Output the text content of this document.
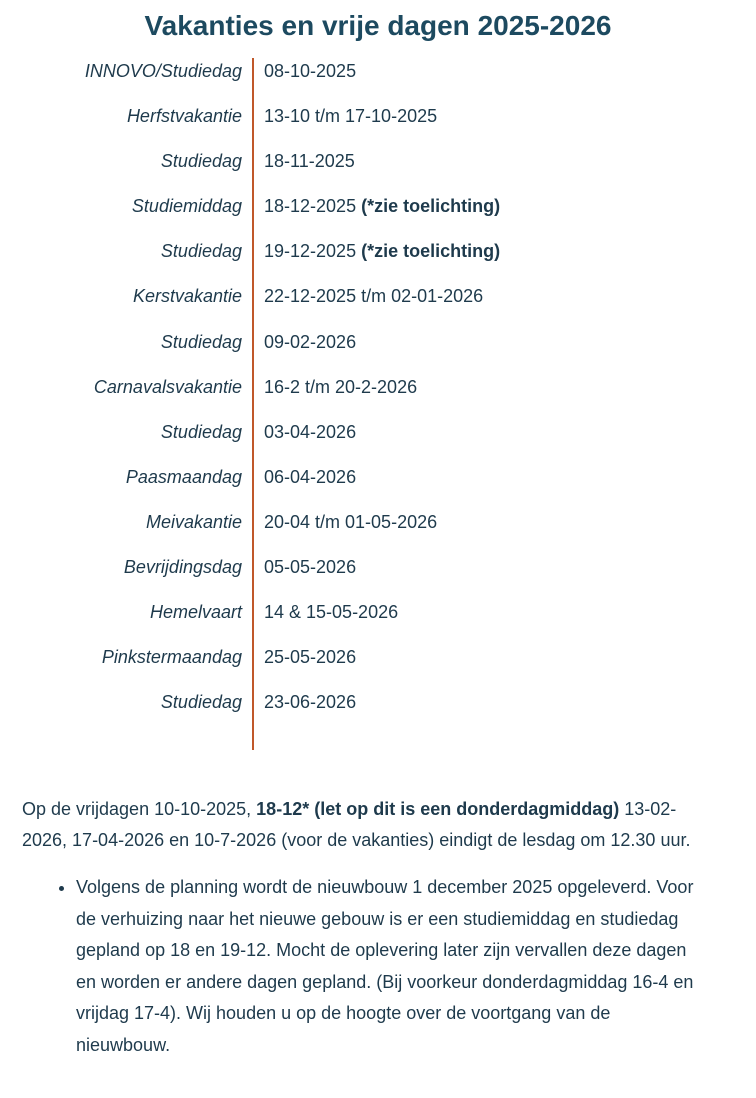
Vakanties en vrije dagen 2025-2026
INNOVO/Studiedag 08-10-2025
Herfstvakantie 13-10 t/m 17-10-2025
Studiedag 18-11-2025
Studiemiddag 18-12-2025 (*zie toelichting)
Studiedag 19-12-2025 (*zie toelichting)
Kerstvakantie 22-12-2025 t/m 02-01-2026
Studiedag 09-02-2026
Carnavalsvakantie 16-2 t/m 20-2-2026
Studiedag 03-04-2026
Paasmaandag 06-04-2026
Meivakantie 20-04 t/m 01-05-2026
Bevrijdingsdag 05-05-2026
Hemelvaart 14 & 15-05-2026
Pinkstermaandag 25-05-2026
Studiedag 23-06-2026

Op de vrijdagen 10-10-2025, 18-12* (let op dit is een donderdagmiddag) 13-02-2026, 17-04-2026 en 10-7-2026 (voor de vakanties) eindigt de lesdag om 12.30 uur.

• Volgens de planning wordt de nieuwbouw 1 december 2025 opgeleverd. Voor de verhuizing naar het nieuwe gebouw is er een studiemiddag en studiedag gepland op 18 en 19-12. Mocht de oplevering later zijn vervallen deze dagen en worden er andere dagen gepland. (Bij voorkeur donderdagmiddag 16-4 en vrijdag 17-4). Wij houden u op de hoogte over de voortgang van de nieuwbouw.
